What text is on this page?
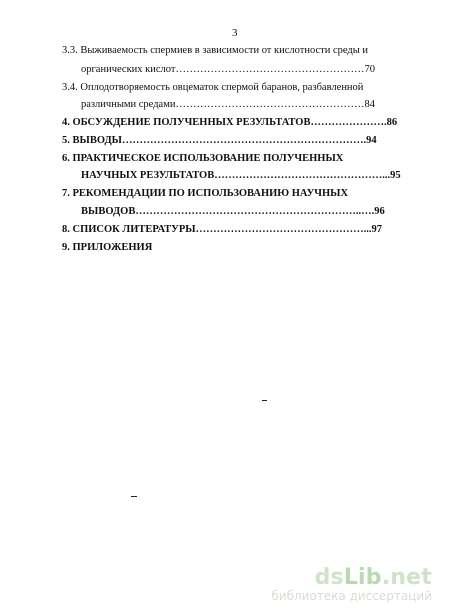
3
3.3. Выживаемость спермиев в зависимости от кислотности среды и
органических кислот………………………………………………70
3.4. Оплодотворяемость овцематок спермой баранов, разбавленной
различными средами………………………………………………84
4. ОБСУЖДЕНИЕ ПОЛУЧЕННЫХ РЕЗУЛЬТАТОВ………………….86
5. ВЫВОДЫ…………………………………………………………….94
6. ПРАКТИЧЕСКОЕ ИСПОЛЬЗОВАНИЕ ПОЛУЧЕННЫХ
НАУЧНЫХ РЕЗУЛЬТАТОВ…………………………………………...95
7. РЕКОМЕНДАЦИИ ПО ИСПОЛЬЗОВАНИЮ НАУЧНЫХ
ВЫВОДОВ………………………………………………………..….96
8. СПИСОК ЛИТЕРАТУРЫ…………………………………………...97
9. ПРИЛОЖЕНИЯ
dsLib.net
библиотека диссертаций
